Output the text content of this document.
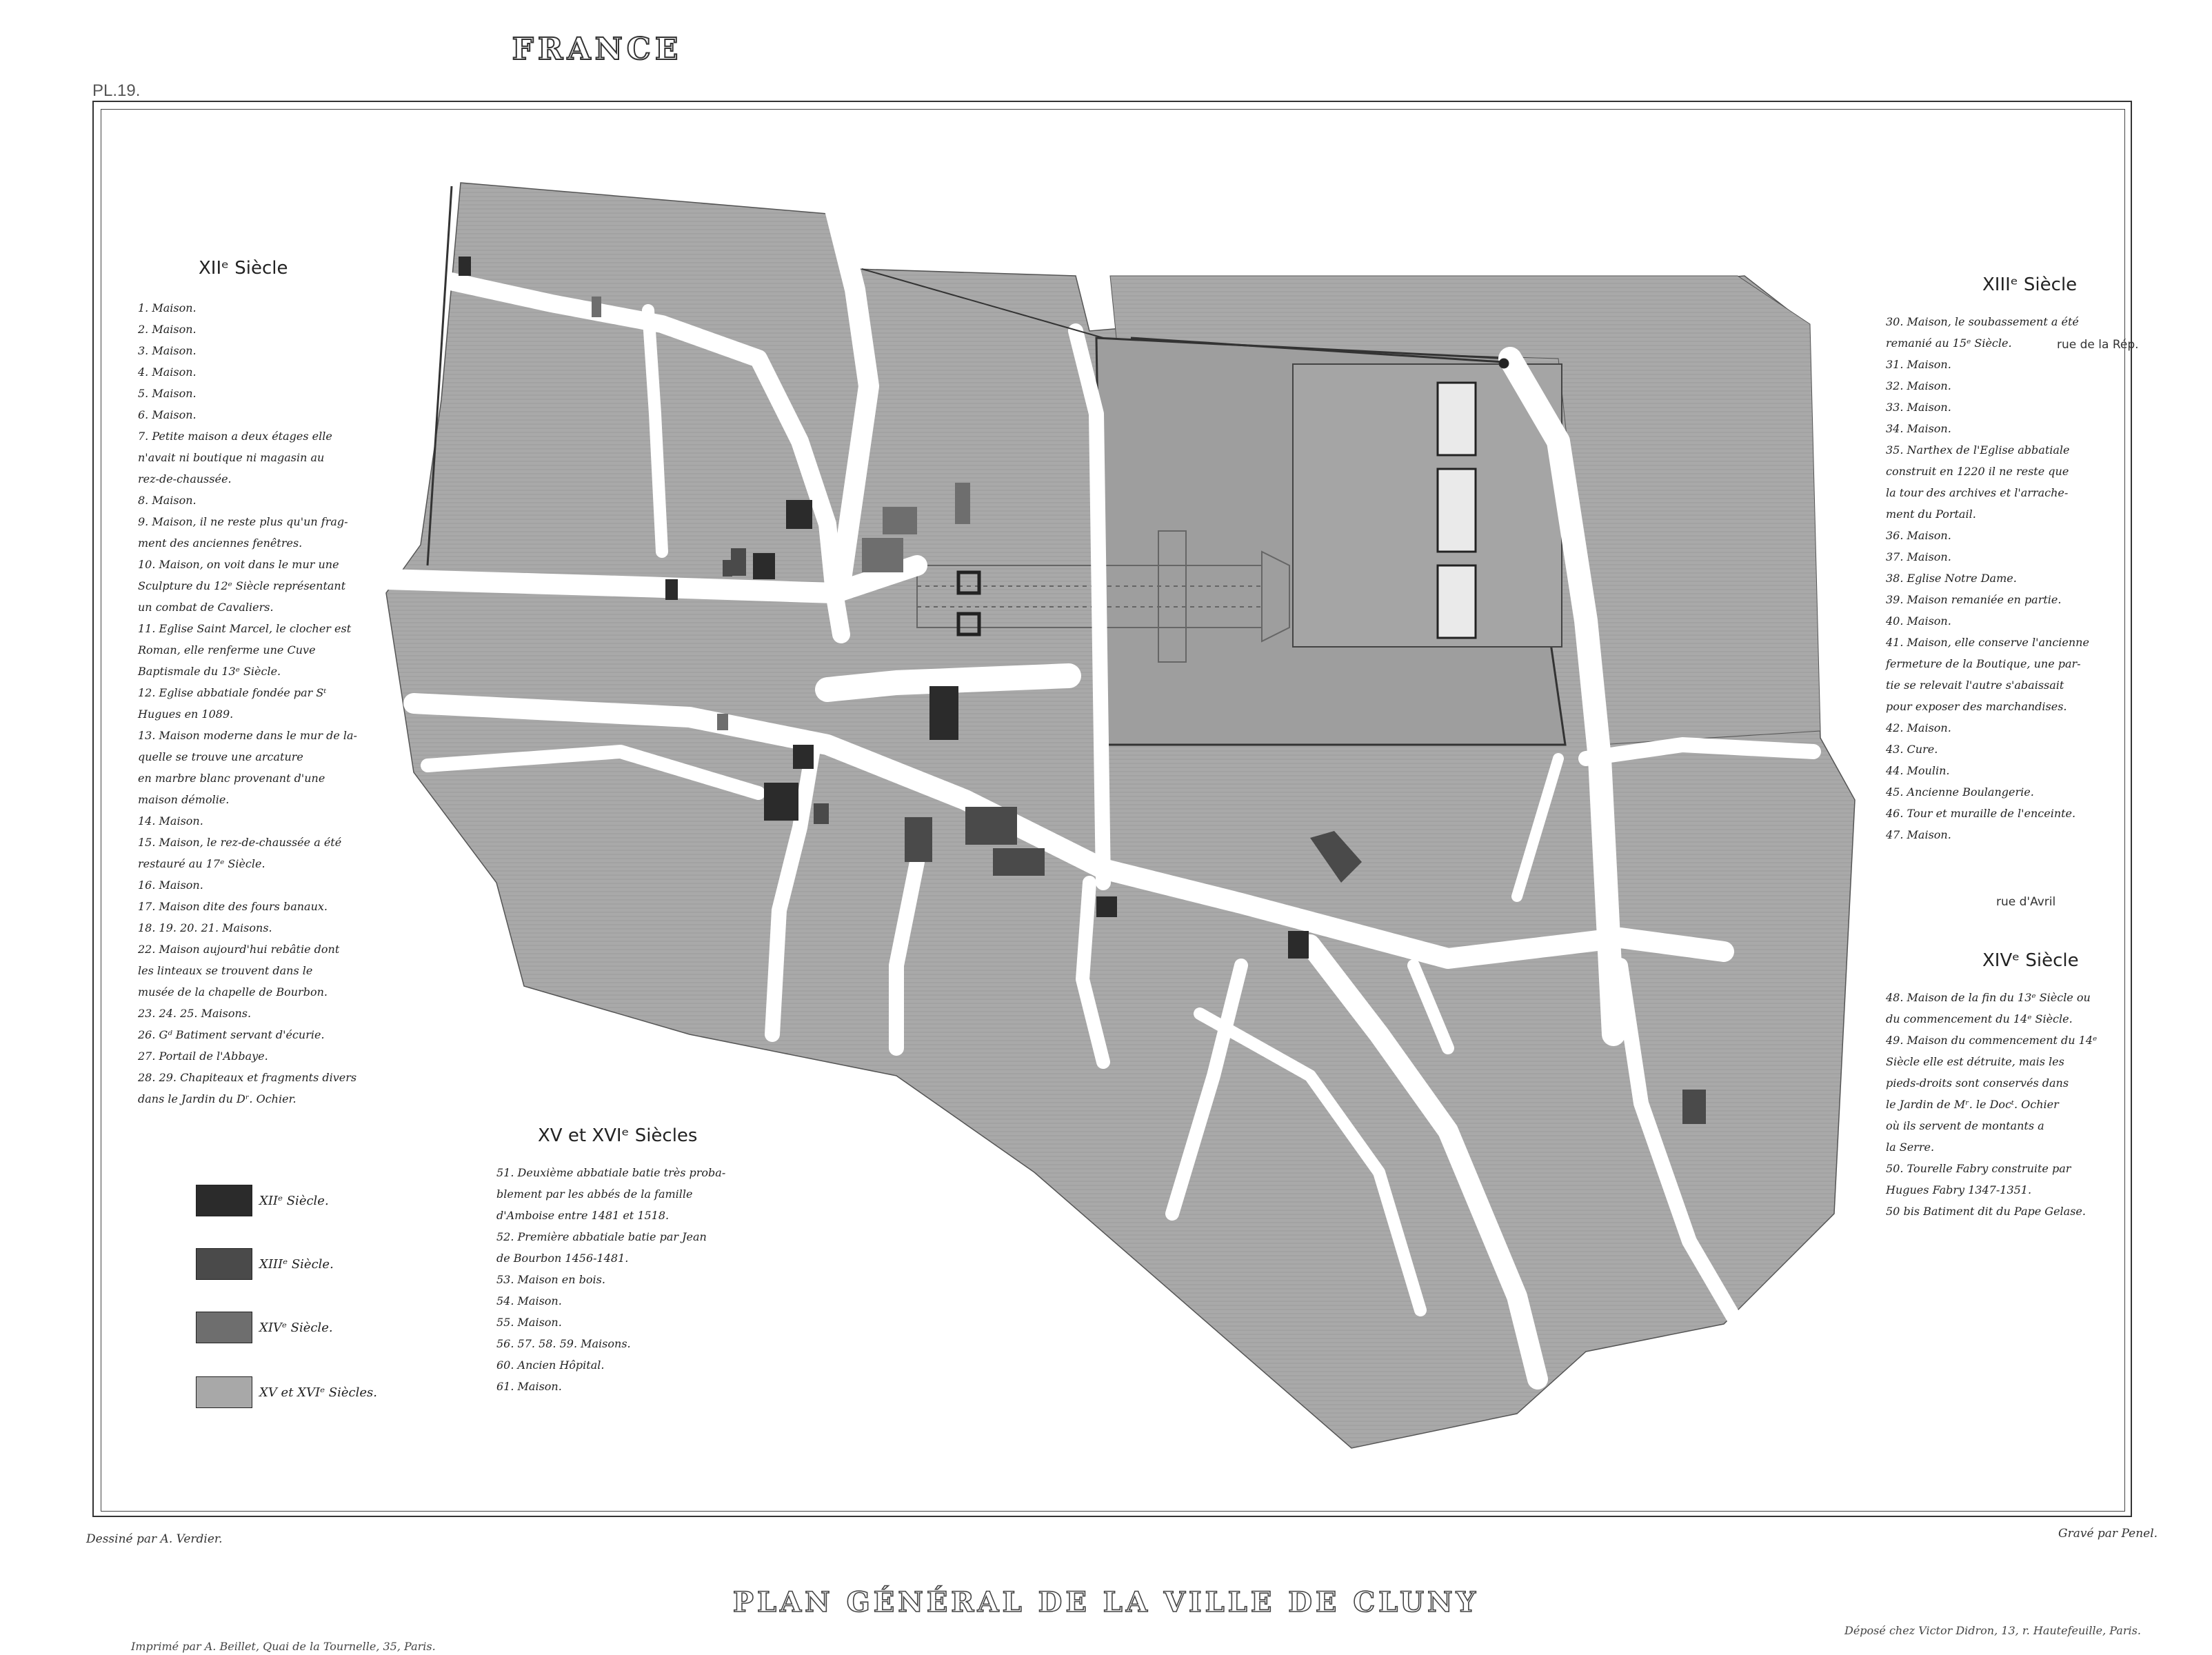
FRANCE
PL.19.
XIIᵉ Siècle
1. Maison.
2. Maison.
3. Maison.
4. Maison.
5. Maison.
6. Maison.
7. Petite maison a deux étages elle
n'avait ni boutique ni magasin au
rez-de-chaussée.
8. Maison.
9. Maison, il ne reste plus qu'un frag-
ment des anciennes fenêtres.
10. Maison, on voit dans le mur une
Sculpture du 12ᵉ Siècle représentant
un combat de Cavaliers.
11. Eglise Saint Marcel, le clocher est
Roman, elle renferme une Cuve
Baptismale du 13ᵉ Siècle.
12. Eglise abbatiale fondée par Sᵗ
Hugues en 1089.
13. Maison moderne dans le mur de la-
quelle se trouve une arcature
en marbre blanc provenant d'une
maison démolie.
14. Maison.
15. Maison, le rez-de-chaussée a été
restauré au 17ᵉ Siècle.
16. Maison.
17. Maison dite des fours banaux.
18. 19. 20. 21. Maisons.
22. Maison aujourd'hui rebâtie dont
les linteaux se trouvent dans le
musée de la chapelle de Bourbon.
23. 24. 25. Maisons.
26. Gᵈ Batiment servant d'écurie.
27. Portail de l'Abbaye.
28. 29. Chapiteaux et fragments divers
dans le Jardin du Dʳ. Ochier.
XIIIᵉ Siècle
30. Maison, le soubassement a été
remanié au 15ᵉ Siècle.
31. Maison.
32. Maison.
33. Maison.
34. Maison.
35. Narthex de l'Eglise abbatiale
construit en 1220 il ne reste que
la tour des archives et l'arrache-
ment du Portail.
36. Maison.
37. Maison.
38. Eglise Notre Dame.
39. Maison remaniée en partie.
40. Maison.
41. Maison, elle conserve l'ancienne
fermeture de la Boutique, une par-
tie se relevait l'autre s'abaissait
pour exposer des marchandises.
42. Maison.
43. Cure.
44. Moulin.
45. Ancienne Boulangerie.
46. Tour et muraille de l'enceinte.
47. Maison.
rue de la Rép.
rue d'Avril
XIVᵉ Siècle
48. Maison de la fin du 13ᵉ Siècle ou
du commencement du 14ᵉ Siècle.
49. Maison du commencement du 14ᵉ
Siècle elle est détruite, mais les
pieds-droits sont conservés dans
le Jardin de Mʳ. le Docᵗ. Ochier
où ils servent de montants a
la Serre.
50. Tourelle Fabry construite par
Hugues Fabry 1347-1351.
50 bis Batiment dit du Pape Gelase.
XV et XVIᵉ Siècles
51. Deuxième abbatiale batie très proba-
blement par les abbés de la famille
d'Amboise entre 1481 et 1518.
52. Première abbatiale batie par Jean
de Bourbon 1456-1481.
53. Maison en bois.
54. Maison.
55. Maison.
56. 57. 58. 59. Maisons.
60. Ancien Hôpital.
61. Maison.
XIIᵉ Siècle.
XIIIᵉ Siècle.
XIVᵉ Siècle.
XV et XVIᵉ Siècles.
Dessiné par A. Verdier.	Gravé par Penel.
PLAN GÉNÉRAL DE LA VILLE DE CLUNY
Imprimé par A. Beillet, Quai de la Tournelle, 35, Paris.
Déposé chez Victor Didron, 13, r. Hautefeuille, Paris.
